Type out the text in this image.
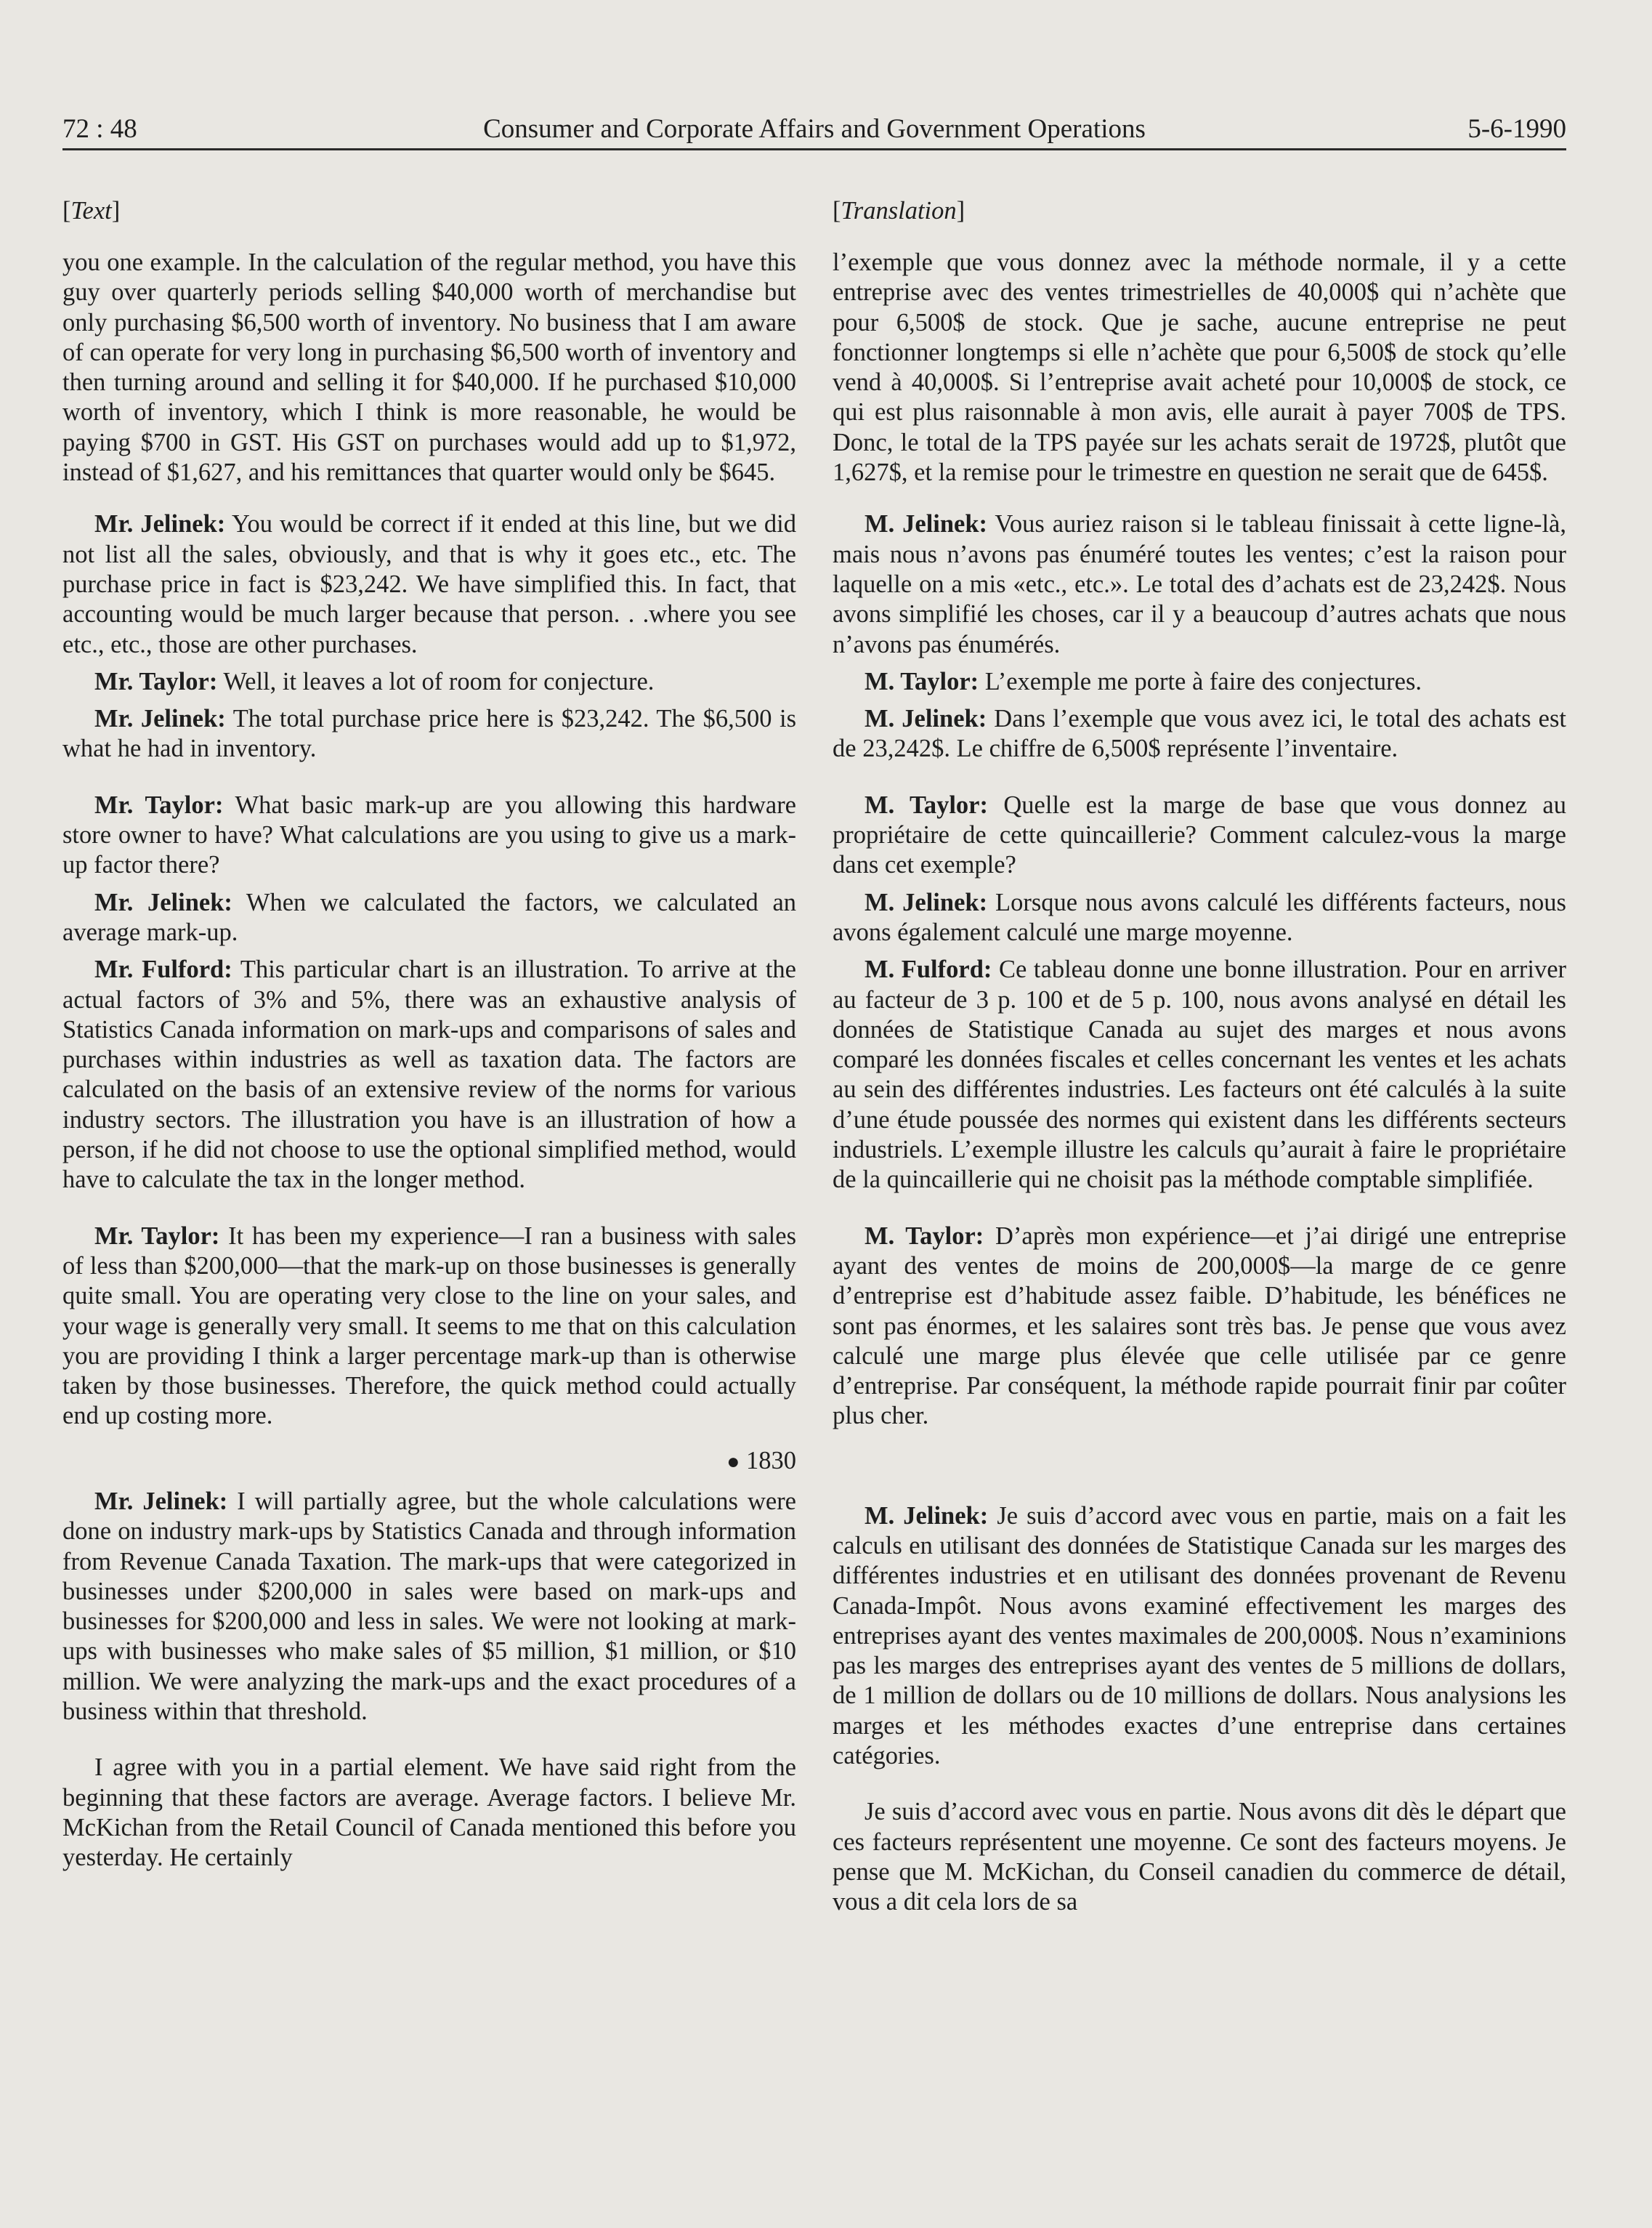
72 : 48	Consumer and Corporate Affairs and Government Operations	5-6-1990
[Text]

you one example. In the calculation of the regular method, you have this guy over quarterly periods selling $40,000 worth of merchandise but only purchasing $6,500 worth of inventory. No business that I am aware of can operate for very long in purchasing $6,500 worth of inventory and then turning around and selling it for $40,000. If he purchased $10,000 worth of inventory, which I think is more reasonable, he would be paying $700 in GST. His GST on purchases would add up to $1,972, instead of $1,627, and his remittances that quarter would only be $645.

Mr. Jelinek: You would be correct if it ended at this line, but we did not list all the sales, obviously, and that is why it goes etc., etc. The purchase price in fact is $23,242. We have simplified this. In fact, that accounting would be much larger because that person. . .where you see etc., etc., those are other purchases.

Mr. Taylor: Well, it leaves a lot of room for conjecture.

Mr. Jelinek: The total purchase price here is $23,242. The $6,500 is what he had in inventory.

Mr. Taylor: What basic mark-up are you allowing this hardware store owner to have? What calculations are you using to give us a mark-up factor there?

Mr. Jelinek: When we calculated the factors, we calculated an average mark-up.

Mr. Fulford: This particular chart is an illustration. To arrive at the actual factors of 3% and 5%, there was an exhaustive analysis of Statistics Canada information on mark-ups and comparisons of sales and purchases within industries as well as taxation data. The factors are calculated on the basis of an extensive review of the norms for various industry sectors. The illustration you have is an illustration of how a person, if he did not choose to use the optional simplified method, would have to calculate the tax in the longer method.

Mr. Taylor: It has been my experience—I ran a business with sales of less than $200,000—that the mark-up on those businesses is generally quite small. You are operating very close to the line on your sales, and your wage is generally very small. It seems to me that on this calculation you are providing I think a larger percentage mark-up than is otherwise taken by those businesses. Therefore, the quick method could actually end up costing more.

● 1830

Mr. Jelinek: I will partially agree, but the whole calculations were done on industry mark-ups by Statistics Canada and through information from Revenue Canada Taxation. The mark-ups that were categorized in businesses under $200,000 in sales were based on mark-ups and businesses for $200,000 and less in sales. We were not looking at mark-ups with businesses who make sales of $5 million, $1 million, or $10 million. We were analyzing the mark-ups and the exact procedures of a business within that threshold.

I agree with you in a partial element. We have said right from the beginning that these factors are average. Average factors. I believe Mr. McKichan from the Retail Council of Canada mentioned this before you yesterday. He certainly

[Translation]

l’exemple que vous donnez avec la méthode normale, il y a cette entreprise avec des ventes trimestrielles de 40,000$ qui n’achète que pour 6,500$ de stock. Que je sache, aucune entreprise ne peut fonctionner longtemps si elle n’achète que pour 6,500$ de stock qu’elle vend à 40,000$. Si l’entreprise avait acheté pour 10,000$ de stock, ce qui est plus raisonnable à mon avis, elle aurait à payer 700$ de TPS. Donc, le total de la TPS payée sur les achats serait de 1972$, plutôt que 1,627$, et la remise pour le trimestre en question ne serait que de 645$.

M. Jelinek: Vous auriez raison si le tableau finissait à cette ligne-là, mais nous n’avons pas énuméré toutes les ventes; c’est la raison pour laquelle on a mis «etc., etc.». Le total des d’achats est de 23,242$. Nous avons simplifié les choses, car il y a beaucoup d’autres achats que nous n’avons pas énumérés.

M. Taylor: L’exemple me porte à faire des conjectures.

M. Jelinek: Dans l’exemple que vous avez ici, le total des achats est de 23,242$. Le chiffre de 6,500$ représente l’inventaire.

M. Taylor: Quelle est la marge de base que vous donnez au propriétaire de cette quincaillerie? Comment calculez-vous la marge dans cet exemple?

M. Jelinek: Lorsque nous avons calculé les différents facteurs, nous avons également calculé une marge moyenne.

M. Fulford: Ce tableau donne une bonne illustration. Pour en arriver au facteur de 3 p. 100 et de 5 p. 100, nous avons analysé en détail les données de Statistique Canada au sujet des marges et nous avons comparé les données fiscales et celles concernant les ventes et les achats au sein des différentes industries. Les facteurs ont été calculés à la suite d’une étude poussée des normes qui existent dans les différents secteurs industriels. L’exemple illustre les calculs qu’aurait à faire le propriétaire de la quincaillerie qui ne choisit pas la méthode comptable simplifiée.

M. Taylor: D’après mon expérience—et j’ai dirigé une entreprise ayant des ventes de moins de 200,000$—la marge de ce genre d’entreprise est d’habitude assez faible. D’habitude, les bénéfices ne sont pas énormes, et les salaires sont très bas. Je pense que vous avez calculé une marge plus élevée que celle utilisée par ce genre d’entreprise. Par conséquent, la méthode rapide pourrait finir par coûter plus cher.

M. Jelinek: Je suis d’accord avec vous en partie, mais on a fait les calculs en utilisant des données de Statistique Canada sur les marges des différentes industries et en utilisant des données provenant de Revenu Canada-Impôt. Nous avons examiné effectivement les marges des entreprises ayant des ventes maximales de 200,000$. Nous n’examinions pas les marges des entreprises ayant des ventes de 5 millions de dollars, de 1 million de dollars ou de 10 millions de dollars. Nous analysions les marges et les méthodes exactes d’une entreprise dans certaines catégories.

Je suis d’accord avec vous en partie. Nous avons dit dès le départ que ces facteurs représentent une moyenne. Ce sont des facteurs moyens. Je pense que M. McKichan, du Conseil canadien du commerce de détail, vous a dit cela lors de sa
